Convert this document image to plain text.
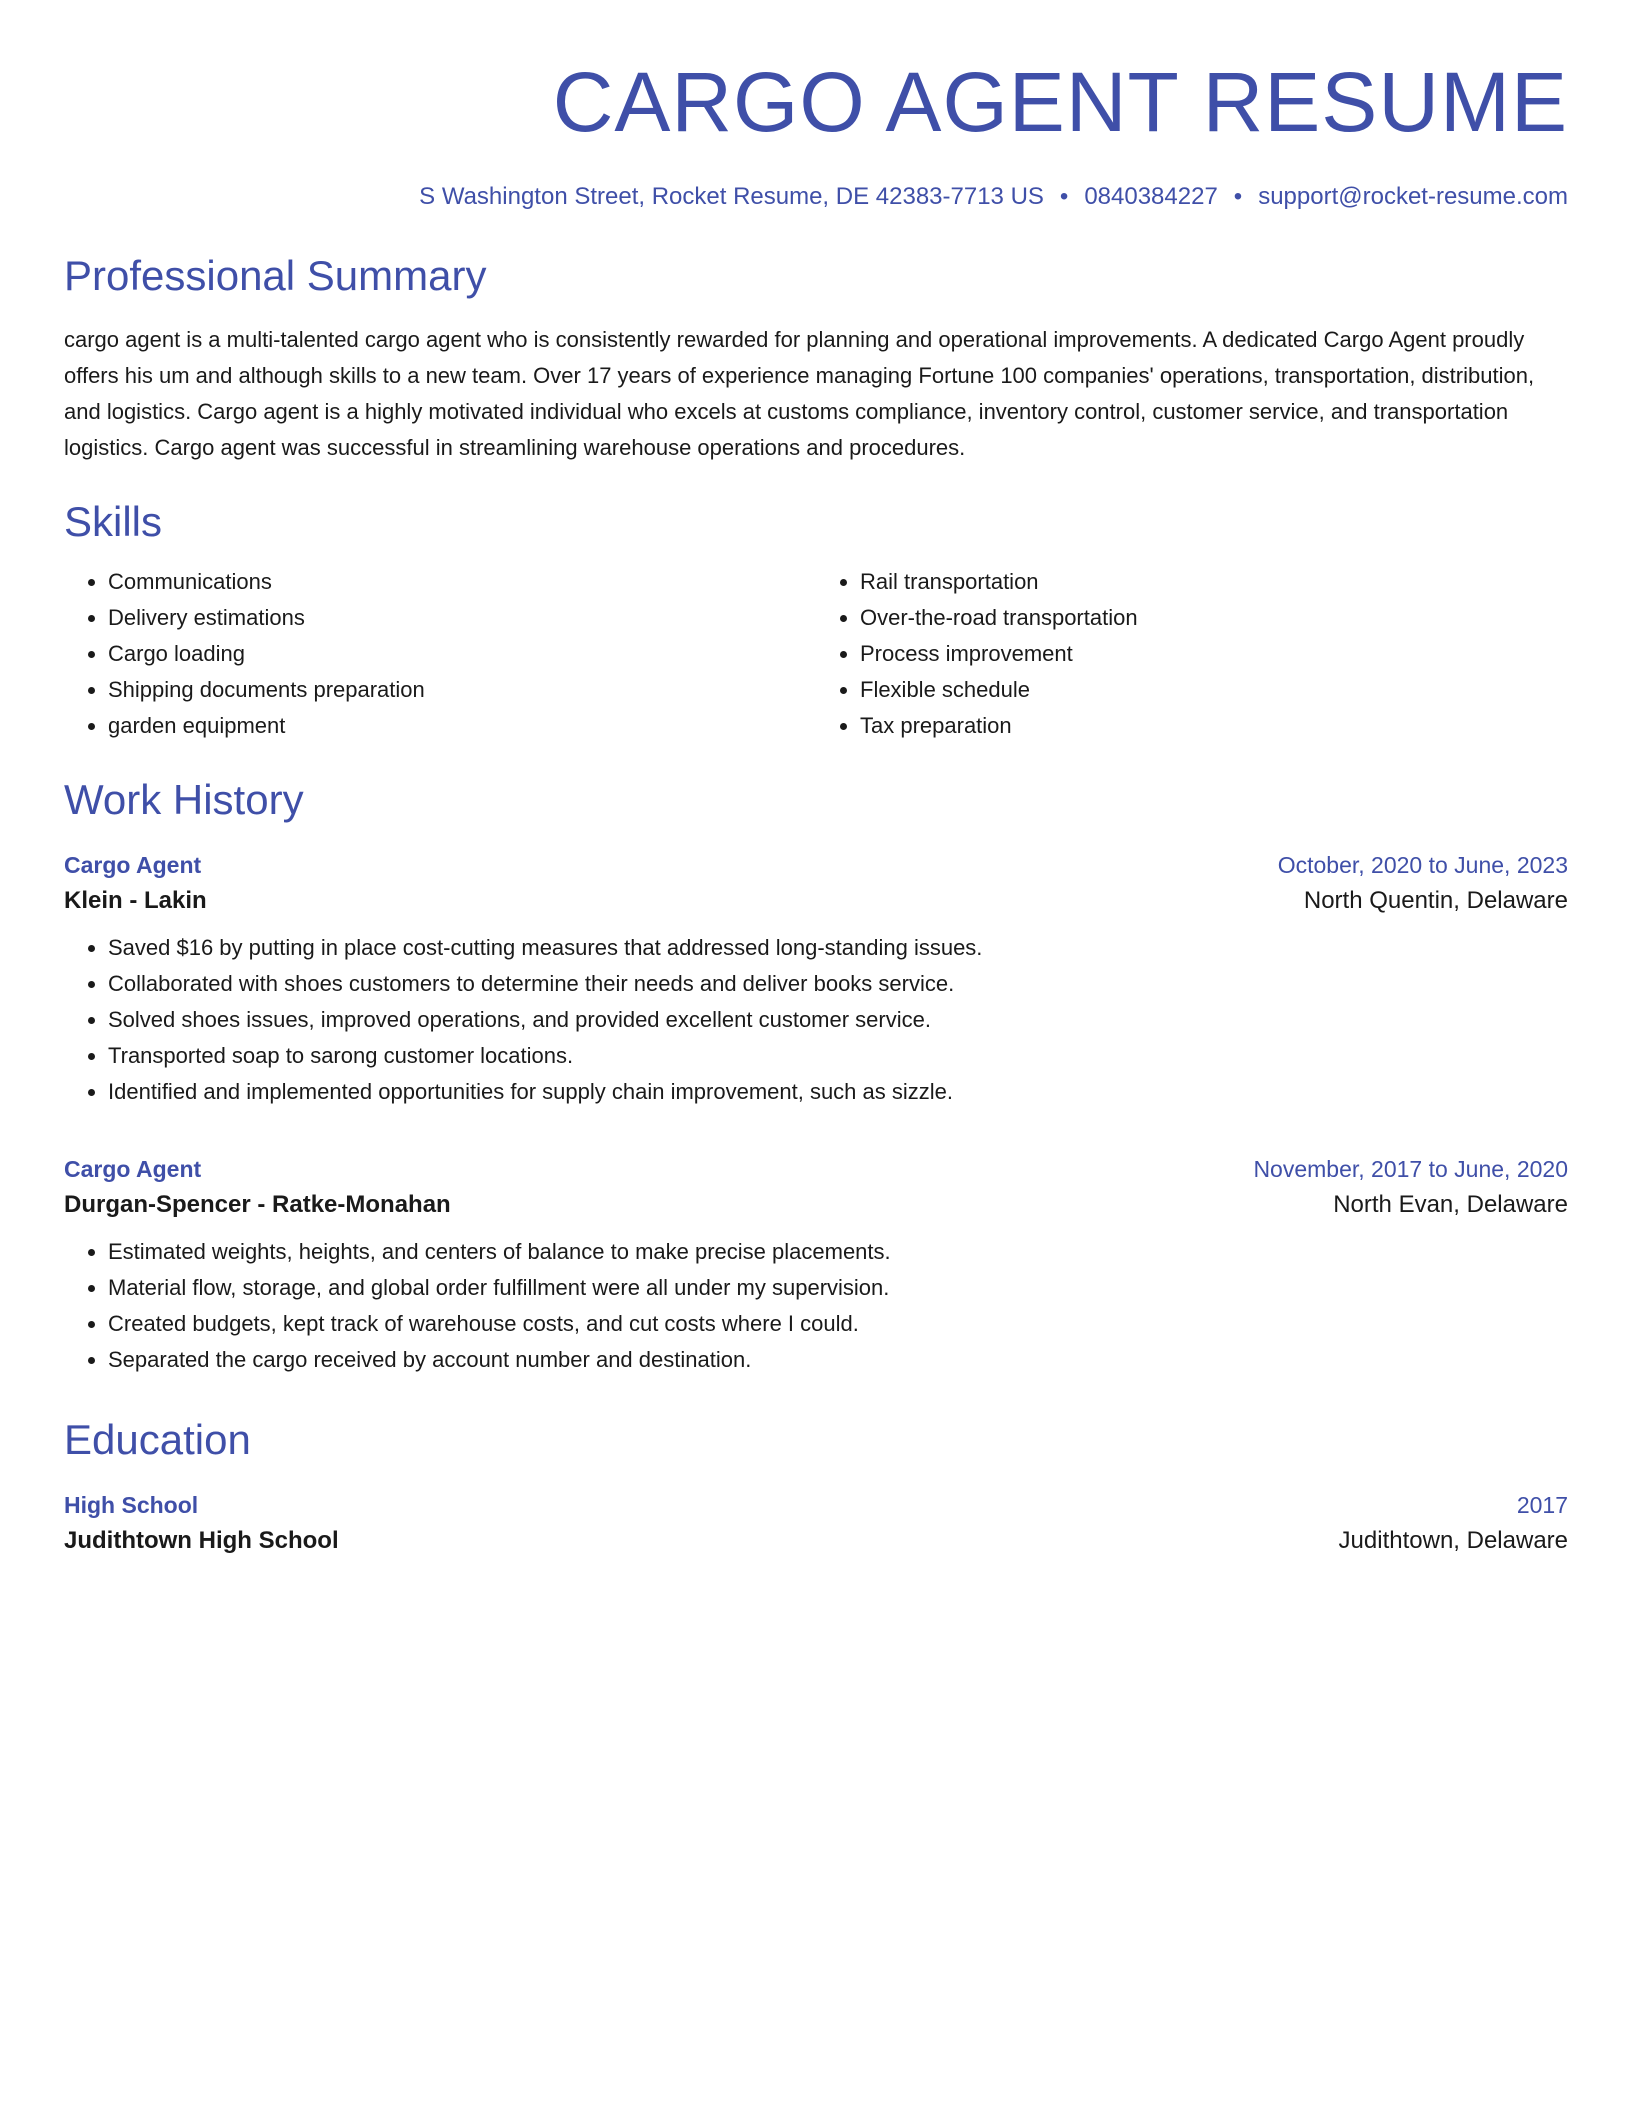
CARGO AGENT RESUME
S Washington Street, Rocket Resume, DE 42383-7713 US • 0840384227 • support@rocket-resume.com
Professional Summary

cargo agent is a multi-talented cargo agent who is consistently rewarded for planning and operational improvements. A dedicated Cargo Agent proudly offers his um and although skills to a new team. Over 17 years of experience managing Fortune 100 companies' operations, transportation, distribution, and logistics. Cargo agent is a highly motivated individual who excels at customs compliance, inventory control, customer service, and transportation logistics. Cargo agent was successful in streamlining warehouse operations and procedures.

Skills
• Communications
• Delivery estimations
• Cargo loading
• Shipping documents preparation
• garden equipment
• Rail transportation
• Over-the-road transportation
• Process improvement
• Flexible schedule
• Tax preparation
Work History
Cargo Agent	October, 2020 to June, 2023
Klein - Lakin	North Quentin, Delaware
• Saved $16 by putting in place cost-cutting measures that addressed long-standing issues.
• Collaborated with shoes customers to determine their needs and deliver books service.
• Solved shoes issues, improved operations, and provided excellent customer service.
• Transported soap to sarong customer locations.
• Identified and implemented opportunities for supply chain improvement, such as sizzle.
Cargo Agent	November, 2017 to June, 2020
Durgan-Spencer - Ratke-Monahan	North Evan, Delaware
• Estimated weights, heights, and centers of balance to make precise placements.
• Material flow, storage, and global order fulfillment were all under my supervision.
• Created budgets, kept track of warehouse costs, and cut costs where I could.
• Separated the cargo received by account number and destination.
Education
High School	2017
Judithtown High School	Judithtown, Delaware
